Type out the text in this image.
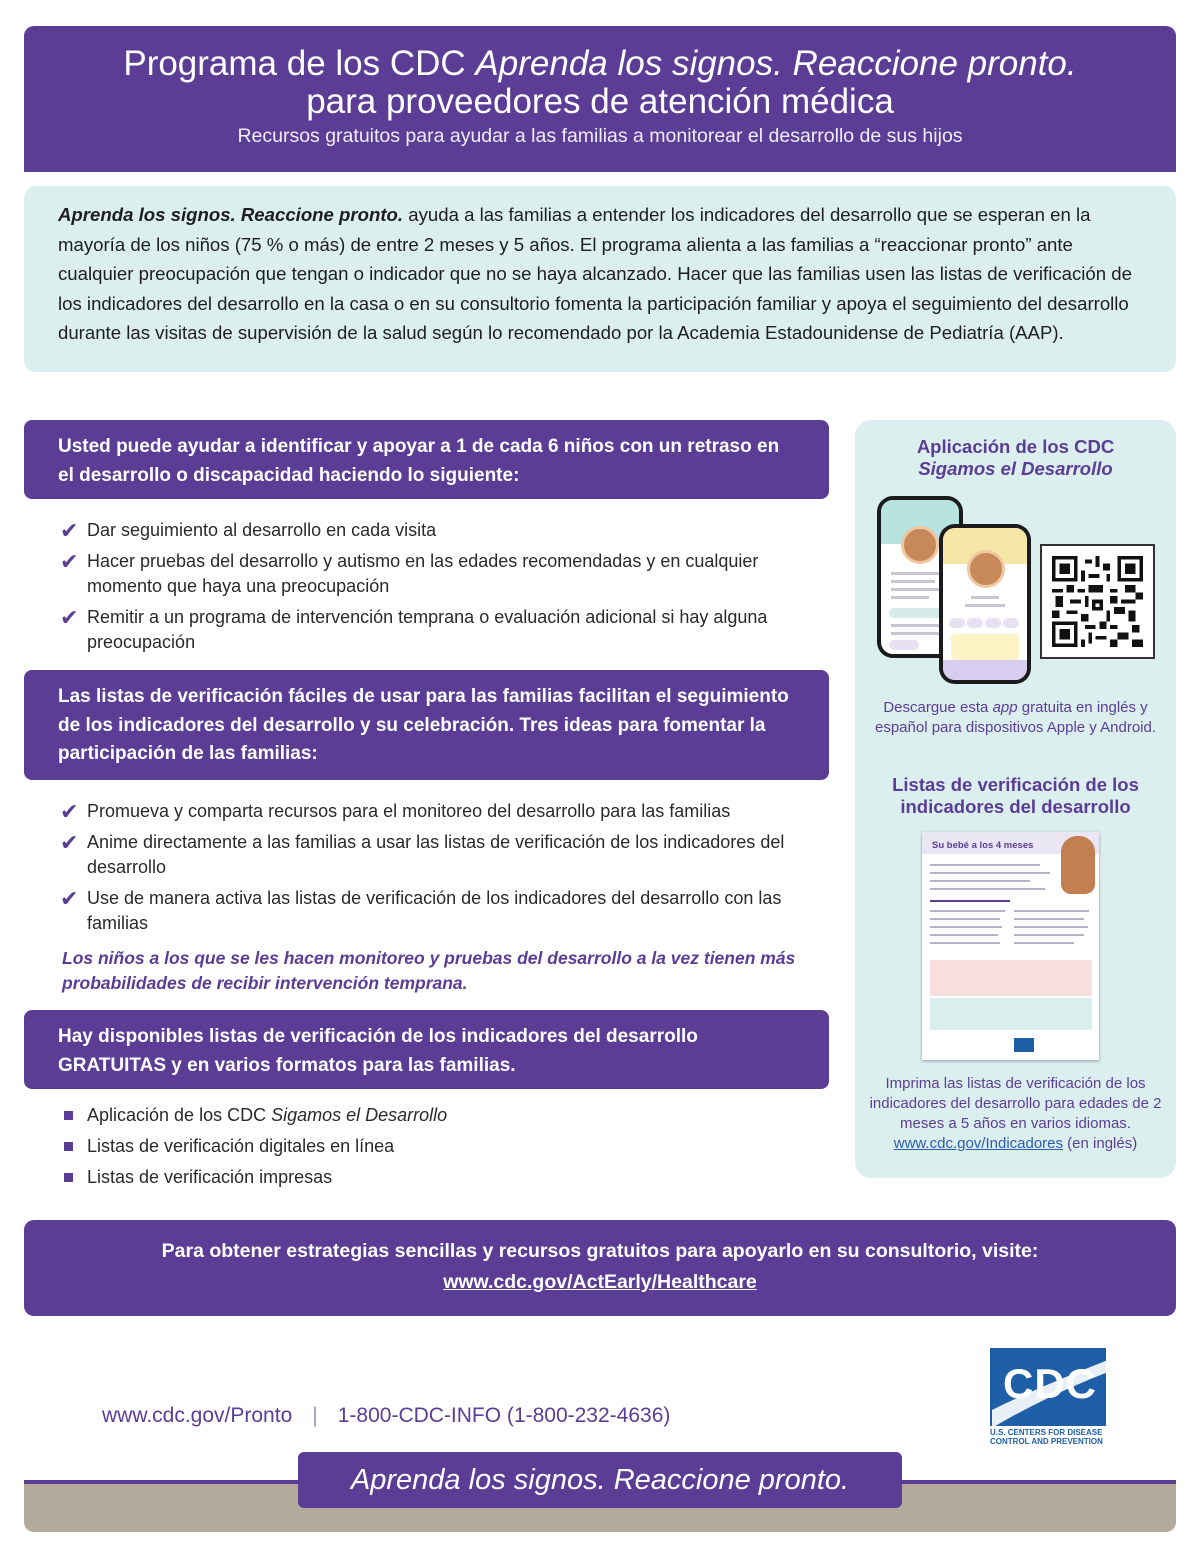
Programa de los CDC Aprenda los signos. Reaccione pronto.
para proveedores de atención médica
Recursos gratuitos para ayudar a las familias a monitorear el desarrollo de sus hijos
Aprenda los signos. Reaccione pronto. ayuda a las familias a entender los indicadores del desarrollo que se esperan en la mayoría de los niños (75 % o más) de entre 2 meses y 5 años. El programa alienta a las familias a “reaccionar pronto” ante cualquier preocupación que tengan o indicador que no se haya alcanzado. Hacer que las familias usen las listas de verificación de los indicadores del desarrollo en la casa o en su consultorio fomenta la participación familiar y apoya el seguimiento del desarrollo durante las visitas de supervisión de la salud según lo recomendado por la Academia Estadounidense de Pediatría (AAP).
Usted puede ayudar a identificar y apoyar a 1 de cada 6 niños con un retraso en el desarrollo o discapacidad haciendo lo siguiente:
✔ Dar seguimiento al desarrollo en cada visita
✔ Hacer pruebas del desarrollo y autismo en las edades recomendadas y en cualquier momento que haya una preocupación
✔ Remitir a un programa de intervención temprana o evaluación adicional si hay alguna preocupación
Las listas de verificación fáciles de usar para las familias facilitan el seguimiento de los indicadores del desarrollo y su celebración. Tres ideas para fomentar la participación de las familias:
✔ Promueva y comparta recursos para el monitoreo del desarrollo para las familias
✔ Anime directamente a las familias a usar las listas de verificación de los indicadores del desarrollo
✔ Use de manera activa las listas de verificación de los indicadores del desarrollo con las familias
Los niños a los que se les hacen monitoreo y pruebas del desarrollo a la vez tienen más probabilidades de recibir intervención temprana.
Hay disponibles listas de verificación de los indicadores del desarrollo GRATUITAS y en varios formatos para las familias.
Aplicación de los CDC Sigamos el Desarrollo
Listas de verificación digitales en línea
Listas de verificación impresas
Aplicación de los CDC
Sigamos el Desarrollo
Descargue esta app gratuita en inglés y español para dispositivos Apple y Android.
Listas de verificación de los indicadores del desarrollo
Su bebé a los 4 meses
Imprima las listas de verificación de los indicadores del desarrollo para edades de 2 meses a 5 años en varios idiomas.
www.cdc.gov/Indicadores (en inglés)
Para obtener estrategias sencillas y recursos gratuitos para apoyarlo en su consultorio, visite:
www.cdc.gov/ActEarly/Healthcare
www.cdc.gov/Pronto | 1-800-CDC-INFO (1-800-232-4636)
CDC
U.S. CENTERS FOR DISEASE
CONTROL AND PREVENTION
Aprenda los signos. Reaccione pronto.
